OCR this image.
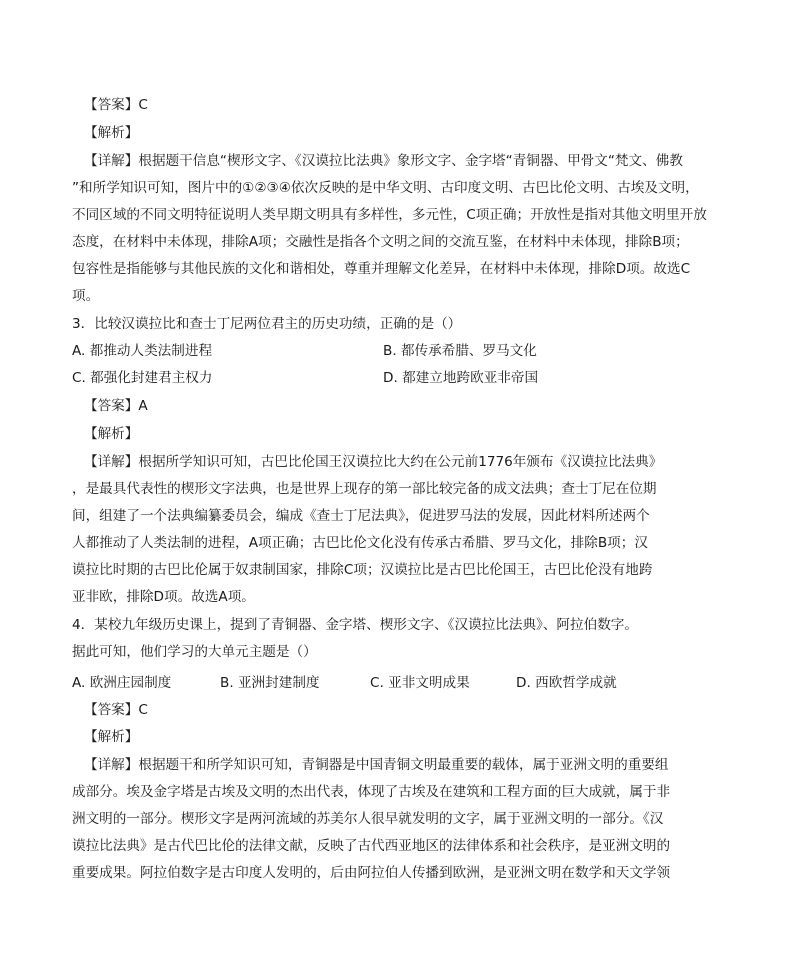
【答案】C
【解析】
【详解】根据题干信息“楔形文字、《汉谟拉比法典》象形文字、金字塔“青铜器、甲骨文“梵文、佛教
”和所学知识可知，图片中的①②③④依次反映的是中华文明、古印度文明、古巴比伦文明、古埃及文明，
不同区域的不同文明特征说明人类早期文明具有多样性，多元性，C项正确；开放性是指对其他文明里开放
态度，在材料中未体现，排除A项；交融性是指各个文明之间的交流互鉴，在材料中未体现，排除B项；
包容性是指能够与其他民族的文化和谐相处，尊重并理解文化差异，在材料中未体现，排除D项。故选C
项。
3．比较汉谟拉比和查士丁尼两位君主的历史功绩，正确的是（）
A. 都推动人类法制进程	B. 都传承希腊、罗马文化
C. 都强化封建君主权力	D. 都建立地跨欧亚非帝国
【答案】A
【解析】
【详解】根据所学知识可知，古巴比伦国王汉谟拉比大约在公元前1776年颁布《汉谟拉比法典》
，是最具代表性的楔形文字法典，也是世界上现存的第一部比较完备的成文法典；查士丁尼在位期
间，组建了一个法典编纂委员会，编成《查士丁尼法典》，促进罗马法的发展，因此材料所述两个
人都推动了人类法制的进程，A项正确；古巴比伦文化没有传承古希腊、罗马文化，排除B项；汉
谟拉比时期的古巴比伦属于奴隶制国家，排除C项；汉谟拉比是古巴比伦国王，古巴比伦没有地跨
亚非欧，排除D项。故选A项。
4．某校九年级历史课上，提到了青铜器、金字塔、楔形文字、《汉谟拉比法典》、阿拉伯数字。
据此可知，他们学习的大单元主题是（）
A. 欧洲庄园制度	B. 亚洲封建制度	C. 亚非文明成果	D. 西欧哲学成就
【答案】C
【解析】
【详解】根据题干和所学知识可知，青铜器是中国青铜文明最重要的载体，属于亚洲文明的重要组
成部分。埃及金字塔是古埃及文明的杰出代表，体现了古埃及在建筑和工程方面的巨大成就，属于非
洲文明的一部分。楔形文字是两河流域的苏美尔人很早就发明的文字，属于亚洲文明的一部分。《汉
谟拉比法典》是古代巴比伦的法律文献，反映了古代西亚地区的法律体系和社会秩序，是亚洲文明的
重要成果。阿拉伯数字是古印度人发明的，后由阿拉伯人传播到欧洲，是亚洲文明在数学和天文学领
